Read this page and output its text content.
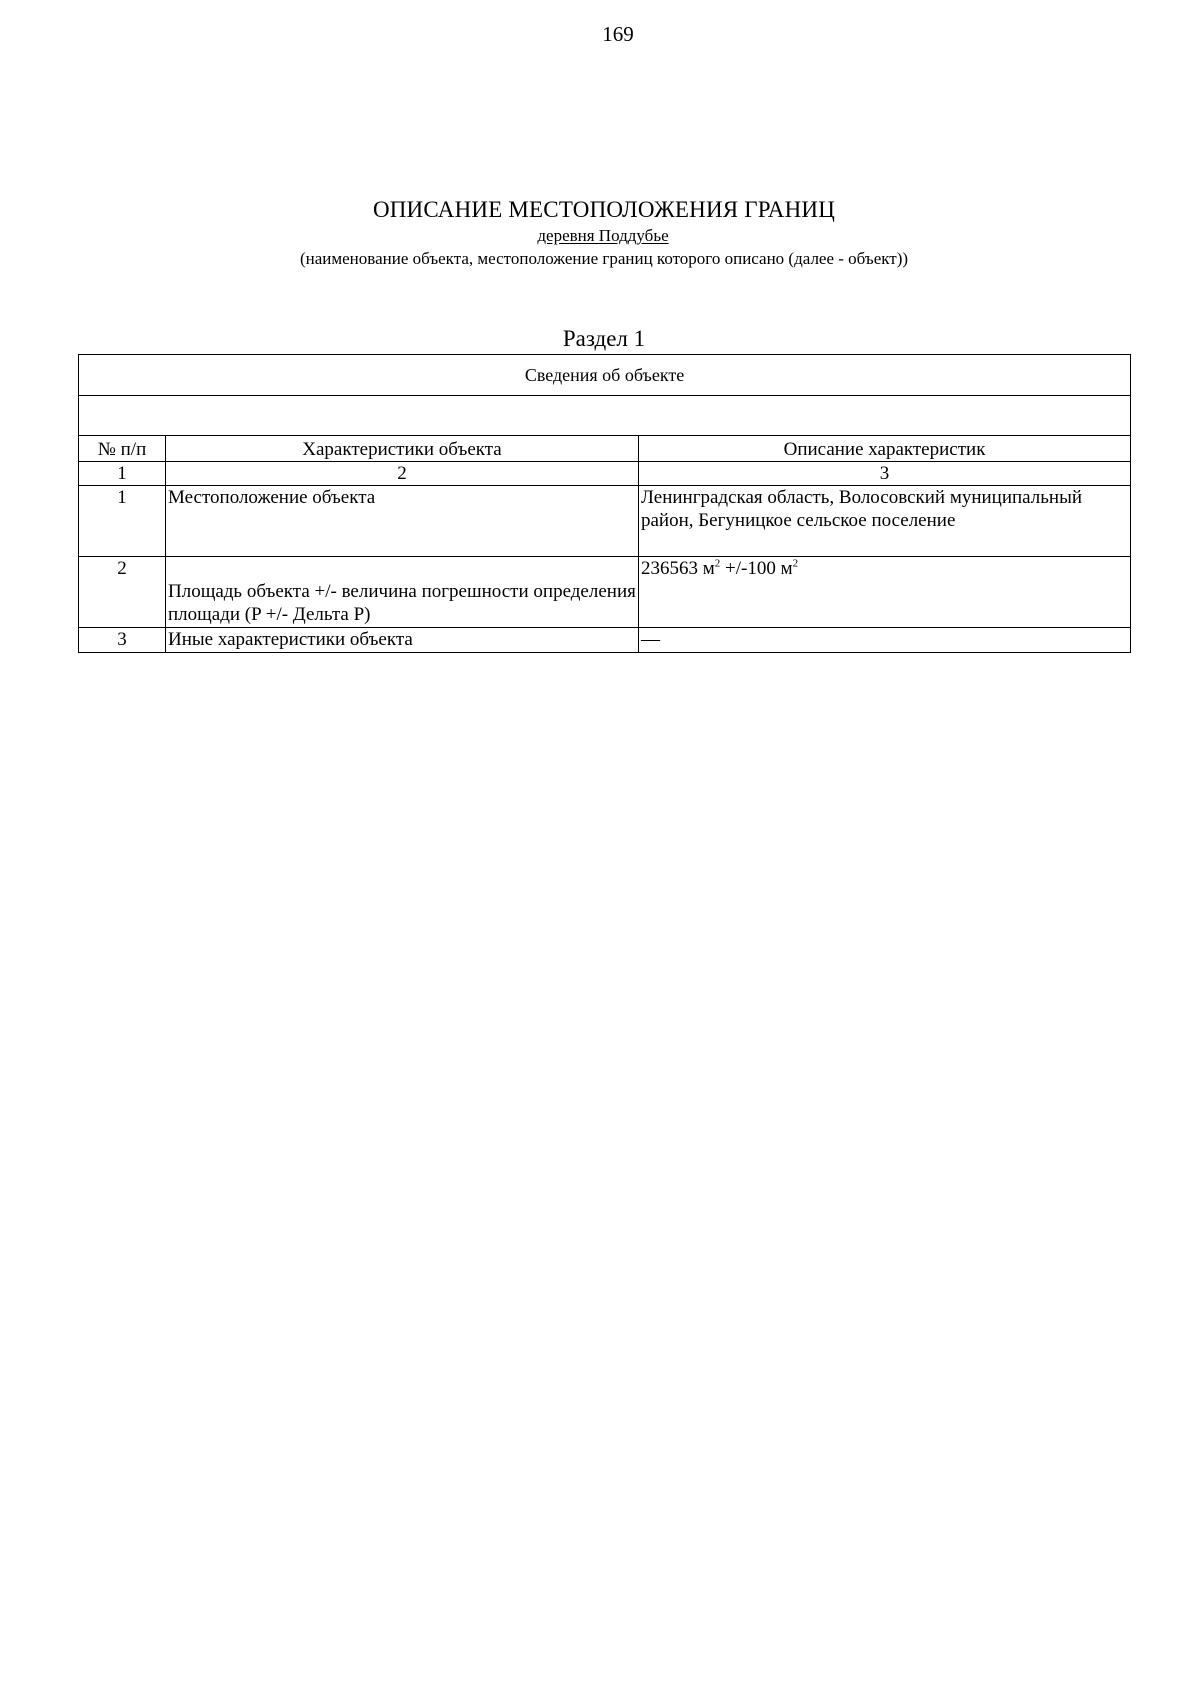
169
ОПИСАНИЕ МЕСТОПОЛОЖЕНИЯ ГРАНИЦ
деревня Поддубье
(наименование объекта, местоположение границ которого описано (далее - объект))
Раздел 1
Сведения об объекте		

№ п/п	Характеристики объекта	Описание характеристик
1	2	3
1	Местоположение объекта	Ленинградская область, Волосовский муниципальный район, Бегуницкое сельское поселение
2	Площадь объекта +/- величина погрешности определения площади (P +/- Дельта P)	236563 $м^2 +/-100$ $м^2$
3	Иные характеристики объекта	—
